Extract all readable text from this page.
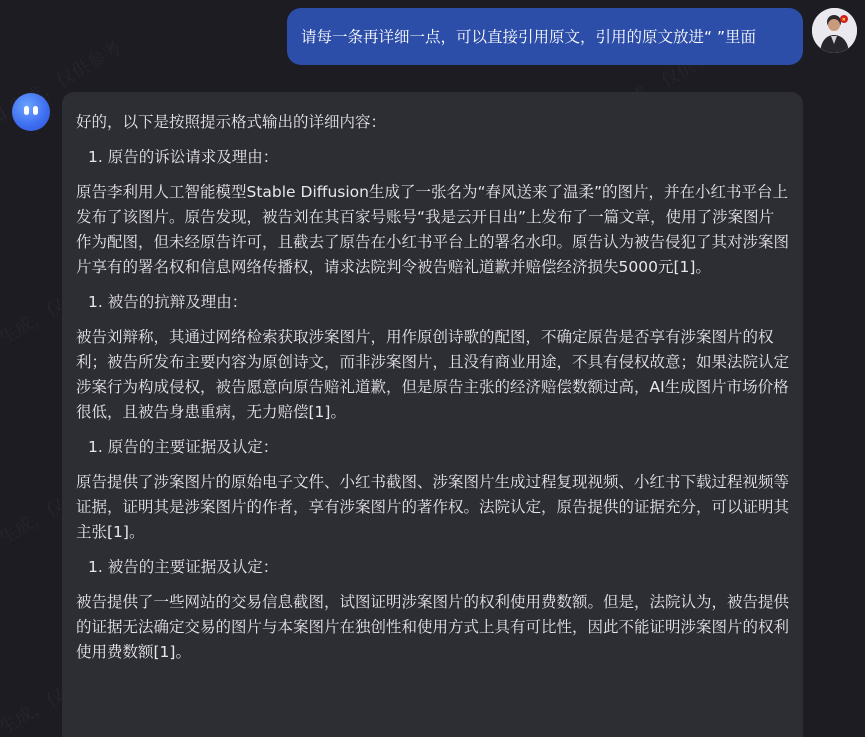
请每一条再详细一点，可以直接引用原文，引用的原文放进“ ”里面

好的，以下是按照提示格式输出的详细内容：

1. 原告的诉讼请求及理由：

原告李利用人工智能模型Stable Diffusion生成了一张名为“春风送来了温柔”的图片，并在小红书平台上发布了该图片。原告发现，被告刘在其百家号账号“我是云开日出”上发布了一篇文章，使用了涉案图片作为配图，但未经原告许可，且截去了原告在小红书平台上的署名水印。原告认为被告侵犯了其对涉案图片享有的署名权和信息网络传播权，请求法院判令被告赔礼道歉并赔偿经济损失5000元[1]。

1. 被告的抗辩及理由：

被告刘辩称，其通过网络检索获取涉案图片，用作原创诗歌的配图，不确定原告是否享有涉案图片的权利；被告所发布主要内容为原创诗文，而非涉案图片，且没有商业用途，不具有侵权故意；如果法院认定涉案行为构成侵权，被告愿意向原告赔礼道歉，但是原告主张的经济赔偿数额过高，AI生成图片市场价格很低，且被告身患重病，无力赔偿[1]。

1. 原告的主要证据及认定：

原告提供了涉案图片的原始电子文件、小红书截图、涉案图片生成过程复现视频、小红书下载过程视频等证据，证明其是涉案图片的作者，享有涉案图片的著作权。法院认定，原告提供的证据充分，可以证明其主张[1]。

1. 被告的主要证据及认定：

被告提供了一些网站的交易信息截图，试图证明涉案图片的权利使用费数额。但是，法院认为，被告提供的证据无法确定交易的图片与本案图片在独创性和使用方式上具有可比性，因此不能证明涉案图片的权利使用费数额[1]。
